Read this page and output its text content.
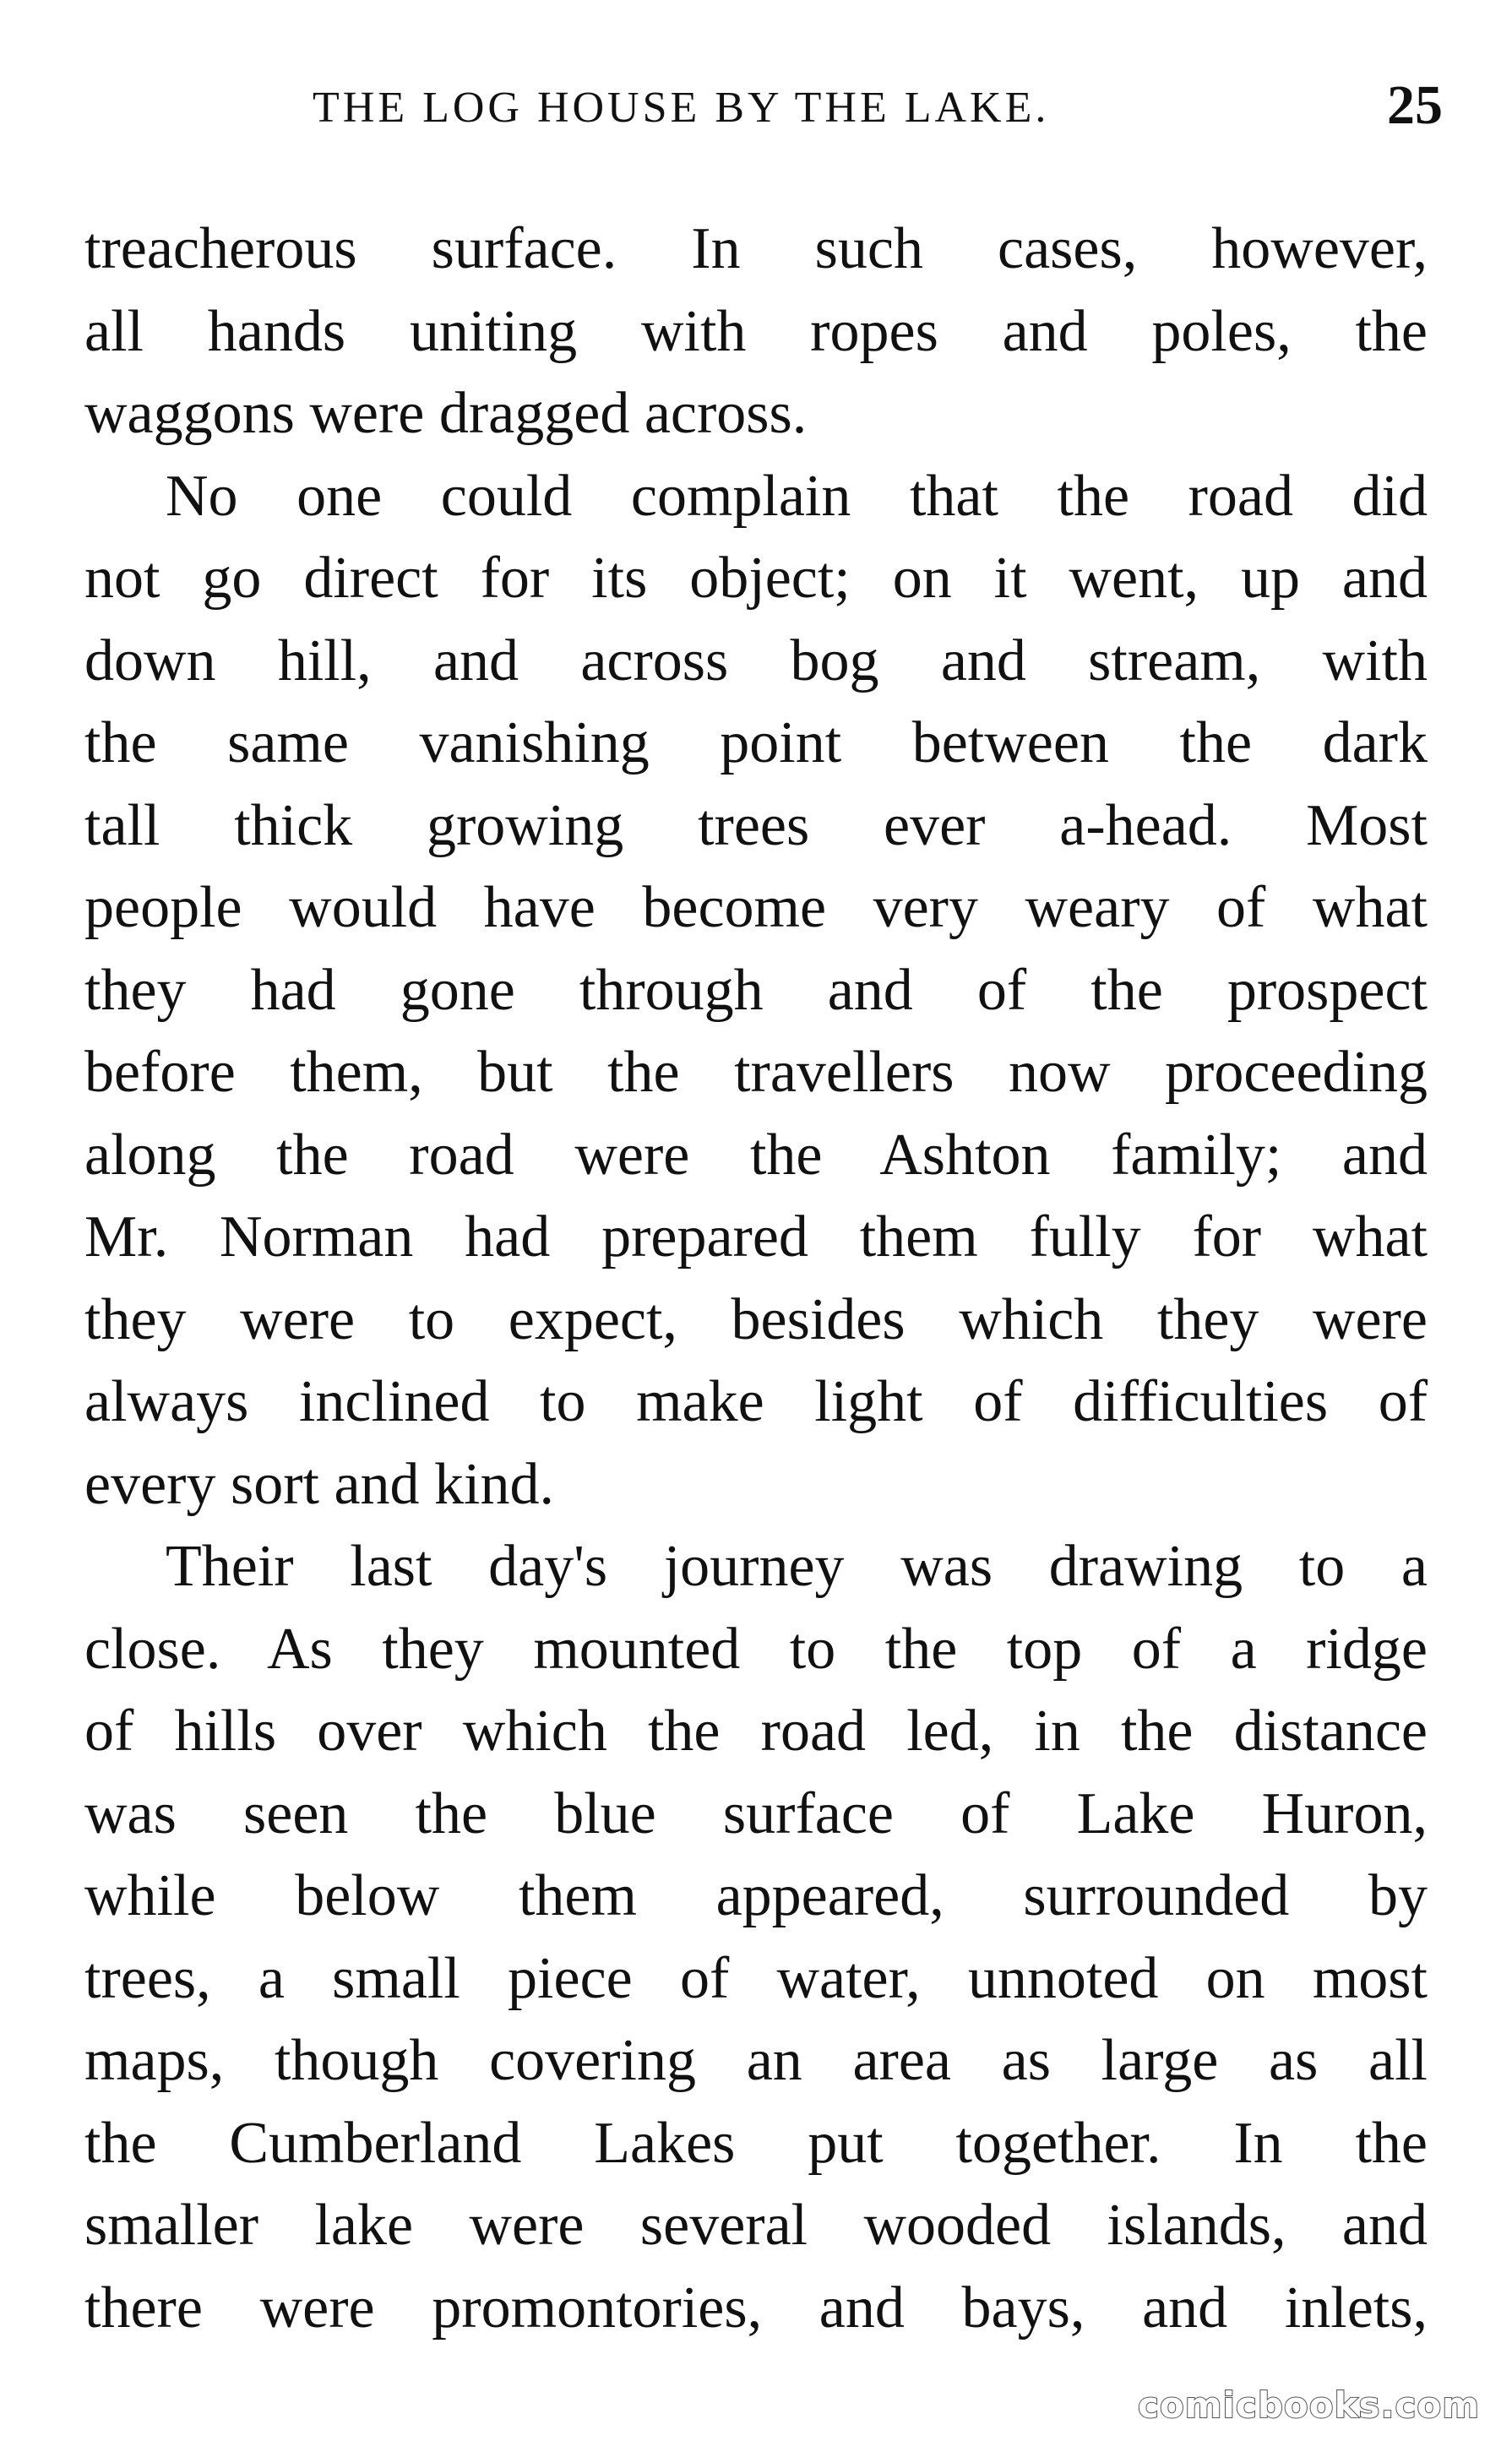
THE LOG HOUSE BY THE LAKE.	25
treacherous surface. In such cases, however,
all hands uniting with ropes and poles, the
waggons were dragged across.
No one could complain that the road did
not go direct for its object; on it went, up and
down hill, and across bog and stream, with
the same vanishing point between the dark
tall thick growing trees ever a-head. Most
people would have become very weary of what
they had gone through and of the prospect
before them, but the travellers now proceeding
along the road were the Ashton family; and
Mr. Norman had prepared them fully for what
they were to expect, besides which they were
always inclined to make light of difficulties of
every sort and kind.
Their last day's journey was drawing to a
close. As they mounted to the top of a ridge
of hills over which the road led, in the distance
was seen the blue surface of Lake Huron,
while below them appeared, surrounded by
trees, a small piece of water, unnoted on most
maps, though covering an area as large as all
the Cumberland Lakes put together. In the
smaller lake were several wooded islands, and
there were promontories, and bays, and inlets,
comicbooks.com
